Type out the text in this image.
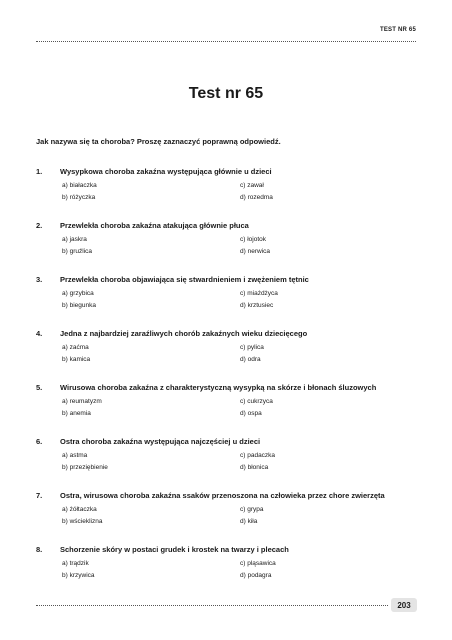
TEST NR 65
Test nr 65
Jak nazywa się ta choroba? Proszę zaznaczyć poprawną odpowiedź.
1.	Wysypkowa choroba zakaźna występująca głównie u dzieci
a) białaczka	c) zawał
b) różyczka	d) rozedma
2.	Przewlekła choroba zakaźna atakująca głównie płuca
a) jaskra	c) łojotok
b) gruźlica	d) nerwica
3.	Przewlekła choroba objawiająca się stwardnieniem i zwężeniem tętnic
a) grzybica	c) miażdżyca
b) biegunka	d) krztusiec
4.	Jedna z najbardziej zaraźliwych chorób zakaźnych wieku dziecięcego
a) zaćma	c) pylica
b) kamica	d) odra
5.	Wirusowa choroba zakaźna z charakterystyczną wysypką na skórze i błonach śluzowych
a) reumatyzm	c) cukrzyca
b) anemia	d) ospa
6.	Ostra choroba zakaźna występująca najczęściej u dzieci
a) astma	c) padaczka
b) przeziębienie	d) błonica
7.	Ostra, wirusowa choroba zakaźna ssaków przenoszona na człowieka przez chore zwierzęta
a) żółtaczka	c) grypa
b) wścieklizna	d) kiła
8.	Schorzenie skóry w postaci grudek i krostek na twarzy i plecach
a) trądzik	c) pląsawica
b) krzywica	d) podagra
203
